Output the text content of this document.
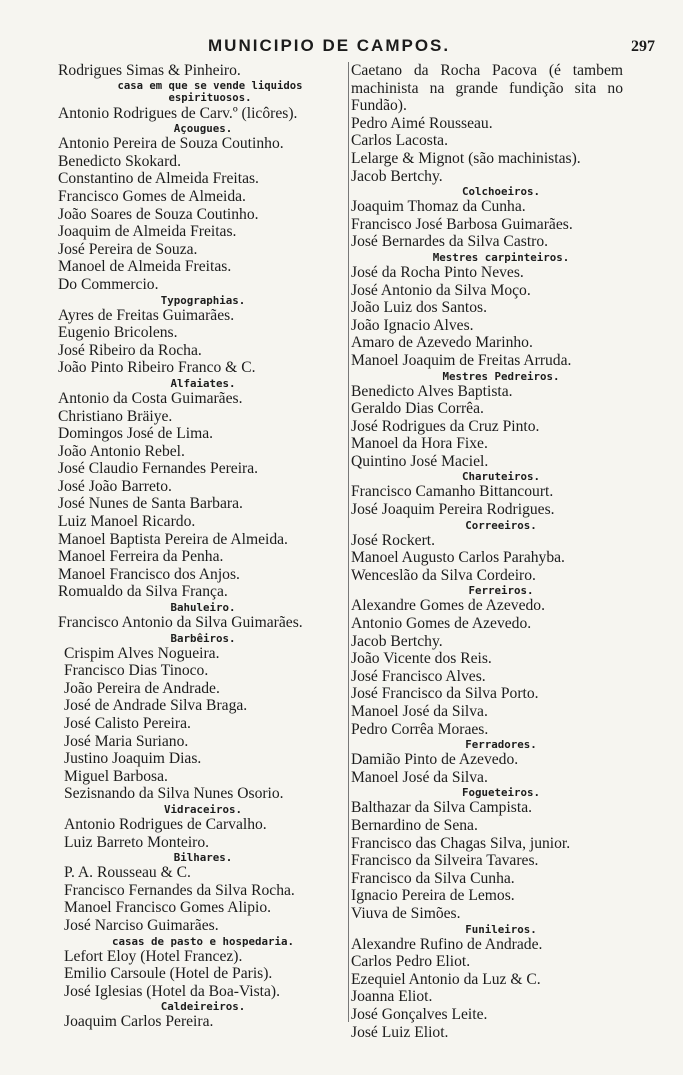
MUNICIPIO DE CAMPOS.	297
Rodrigues Simas & Pinheiro.
casa em que se vende liquidos espirituosos.
Antonio Rodrigues de Carv.º (licôres).
Açougues.
Antonio Pereira de Souza Coutinho.
Benedicto Skokard.
Constantino de Almeida Freitas.
Francisco Gomes de Almeida.
João Soares de Souza Coutinho.
Joaquim de Almeida Freitas.
José Pereira de Souza.
Manoel de Almeida Freitas.
Do Commercio.
Typographias.
Ayres de Freitas Guimarães.
Eugenio Bricolens.
José Ribeiro da Rocha.
João Pinto Ribeiro Franco & C.
Alfaiates.
Antonio da Costa Guimarães.
Christiano Bräiye.
Domingos José de Lima.
João Antonio Rebel.
José Claudio Fernandes Pereira.
José João Barreto.
José Nunes de Santa Barbara.
Luiz Manoel Ricardo.
Manoel Baptista Pereira de Almeida.
Manoel Ferreira da Penha.
Manoel Francisco dos Anjos.
Romualdo da Silva França.
Bahuleiro.
Francisco Antonio da Silva Guimarães.
Barbêiros.
Crispim Alves Nogueira.
Francisco Dias Tinoco.
João Pereira de Andrade.
José de Andrade Silva Braga.
José Calisto Pereira.
José Maria Suriano.
Justino Joaquim Dias.
Miguel Barbosa.
Sezisnando da Silva Nunes Osorio.
Vidraceiros.
Antonio Rodrigues de Carvalho.
Luiz Barreto Monteiro.
Bilhares.
P. A. Rousseau & C.
Francisco Fernandes da Silva Rocha.
Manoel Francisco Gomes Alipio.
José Narciso Guimarães.
casas de pasto e hospedaria.
Lefort Eloy (Hotel Francez).
Emilio Carsoule (Hotel de Paris).
José Iglesias (Hotel da Boa-Vista).
Caldeireiros.
Joaquim Carlos Pereira.
Caetano da Rocha Pacova (é tambem machinista na grande fundição sita no Fundão).
Pedro Aimé Rousseau.
Carlos Lacosta.
Lelarge & Mignot (são machinistas).
Jacob Bertchy.
Colchoeiros.
Joaquim Thomaz da Cunha.
Francisco José Barbosa Guimarães.
José Bernardes da Silva Castro.
Mestres carpinteiros.
José da Rocha Pinto Neves.
José Antonio da Silva Moço.
João Luiz dos Santos.
João Ignacio Alves.
Amaro de Azevedo Marinho.
Manoel Joaquim de Freitas Arruda.
Mestres Pedreiros.
Benedicto Alves Baptista.
Geraldo Dias Corrêa.
José Rodrigues da Cruz Pinto.
Manoel da Hora Fixe.
Quintino José Maciel.
Charuteiros.
Francisco Camanho Bittancourt.
José Joaquim Pereira Rodrigues.
Correeiros.
José Rockert.
Manoel Augusto Carlos Parahyba.
Wenceslão da Silva Cordeiro.
Ferreiros.
Alexandre Gomes de Azevedo.
Antonio Gomes de Azevedo.
Jacob Bertchy.
João Vicente dos Reis.
José Francisco Alves.
José Francisco da Silva Porto.
Manoel José da Silva.
Pedro Corrêa Moraes.
Ferradores.
Damião Pinto de Azevedo.
Manoel José da Silva.
Fogueteiros.
Balthazar da Silva Campista.
Bernardino de Sena.
Francisco das Chagas Silva, junior.
Francisco da Silveira Tavares.
Francisco da Silva Cunha.
Ignacio Pereira de Lemos.
Viuva de Simões.
Funileiros.
Alexandre Rufino de Andrade.
Carlos Pedro Eliot.
Ezequiel Antonio da Luz & C.
Joanna Eliot.
José Gonçalves Leite.
José Luiz Eliot.
